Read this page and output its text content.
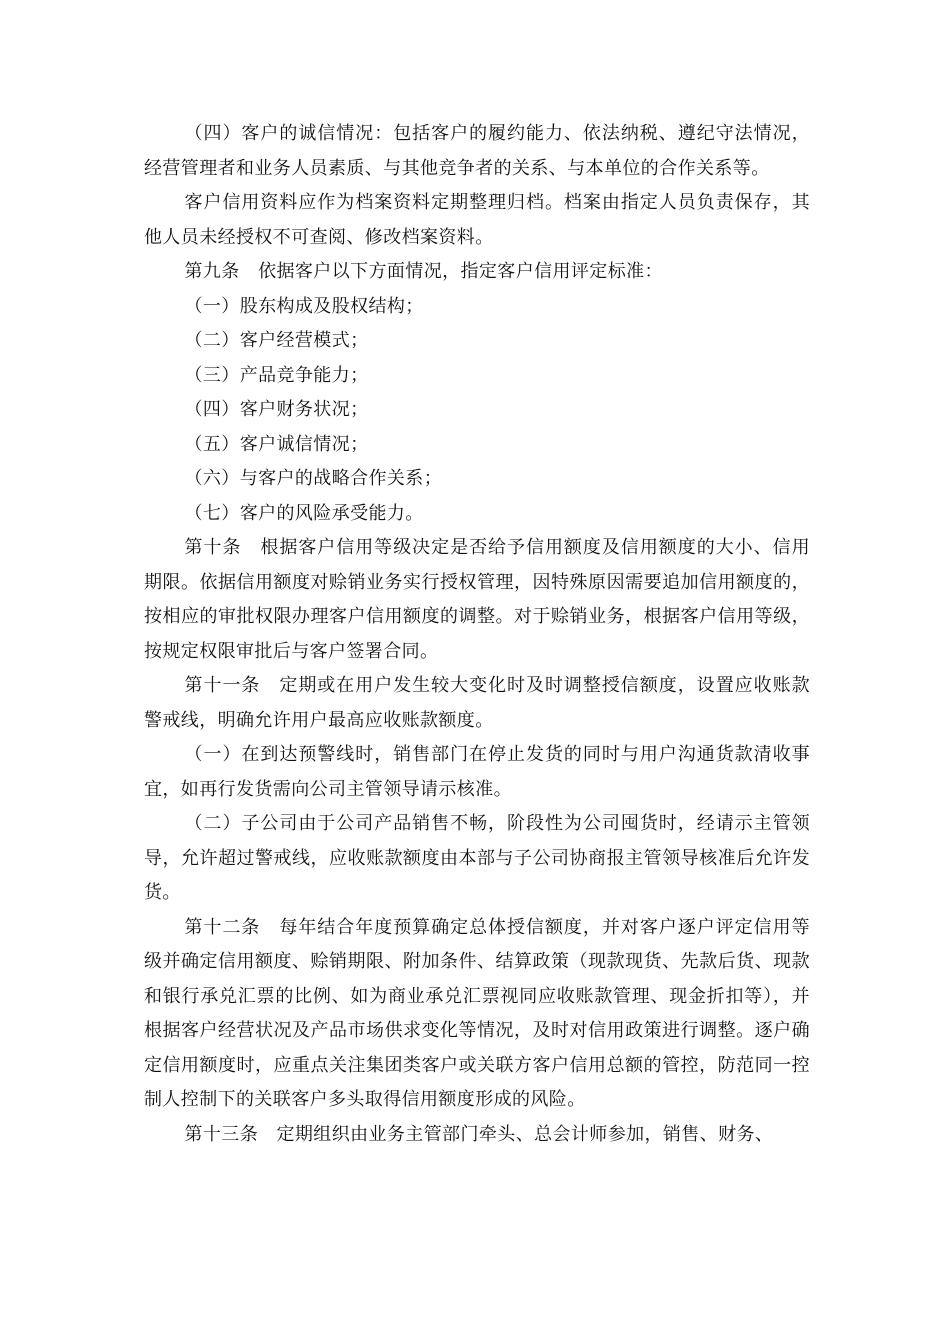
（四）客户的诚信情况：包括客户的履约能力、依法纳税、遵纪守法情况，经营管理者和业务人员素质、与其他竞争者的关系、与本单位的合作关系等。

客户信用资料应作为档案资料定期整理归档。档案由指定人员负责保存，其他人员未经授权不可查阅、修改档案资料。

第九条　依据客户以下方面情况，指定客户信用评定标准：

（一）股东构成及股权结构；

（二）客户经营模式；

（三）产品竞争能力；

（四）客户财务状况；

（五）客户诚信情况；

（六）与客户的战略合作关系；

（七）客户的风险承受能力。

第十条　根据客户信用等级决定是否给予信用额度及信用额度的大小、信用期限。依据信用额度对赊销业务实行授权管理，因特殊原因需要追加信用额度的，按相应的审批权限办理客户信用额度的调整。对于赊销业务，根据客户信用等级，按规定权限审批后与客户签署合同。

第十一条　定期或在用户发生较大变化时及时调整授信额度，设置应收账款警戒线，明确允许用户最高应收账款额度。

（一）在到达预警线时，销售部门在停止发货的同时与用户沟通货款清收事宜，如再行发货需向公司主管领导请示核准。

（二）子公司由于公司产品销售不畅，阶段性为公司囤货时，经请示主管领导，允许超过警戒线，应收账款额度由本部与子公司协商报主管领导核准后允许发货。

第十二条　每年结合年度预算确定总体授信额度，并对客户逐户评定信用等级并确定信用额度、赊销期限、附加条件、结算政策（现款现货、先款后货、现款和银行承兑汇票的比例、如为商业承兑汇票视同应收账款管理、现金折扣等），并根据客户经营状况及产品市场供求变化等情况，及时对信用政策进行调整。逐户确定信用额度时，应重点关注集团类客户或关联方客户信用总额的管控，防范同一控制人控制下的关联客户多头取得信用额度形成的风险。

第十三条　定期组织由业务主管部门牵头、总会计师参加，销售、财务、
